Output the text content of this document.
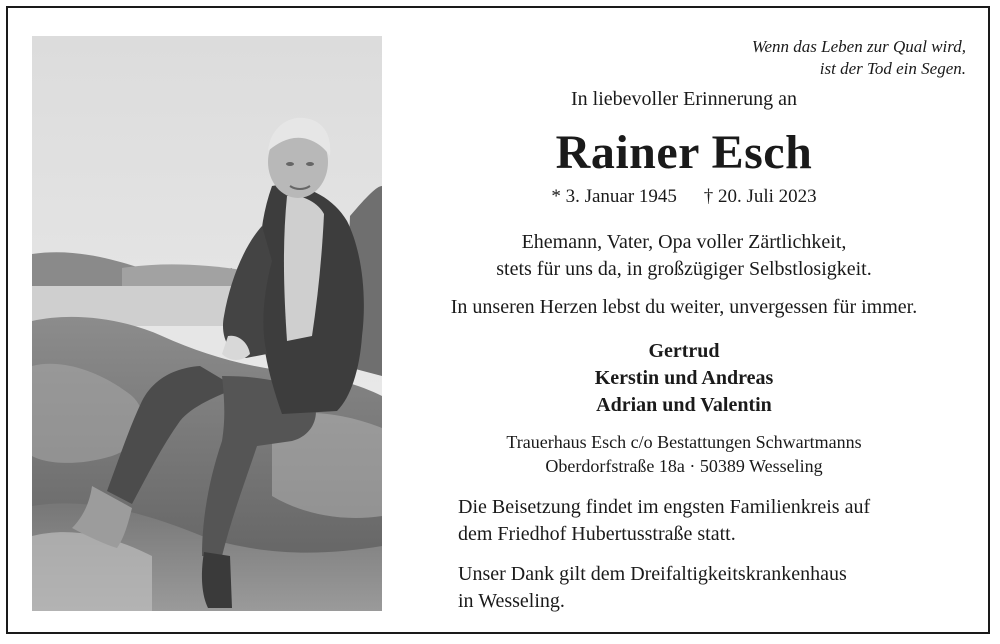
Wenn das Leben zur Qual wird,
ist der Tod ein Segen.
In liebevoller Erinnerung an
Rainer Esch
* 3. Januar 1945 † 20. Juli 2023
Ehemann, Vater, Opa voller Zärtlichkeit,
stets für uns da, in großzügiger Selbstlosigkeit.
In unseren Herzen lebst du weiter, unvergessen für immer.
Gertrud
Kerstin und Andreas
Adrian und Valentin
Trauerhaus Esch c/o Bestattungen Schwartmanns
Oberdorfstraße 18a · 50389 Wesseling
Die Beisetzung findet im engsten Familienkreis auf
dem Friedhof Hubertusstraße statt.
Unser Dank gilt dem Dreifaltigkeitskrankenhaus
in Wesseling.
